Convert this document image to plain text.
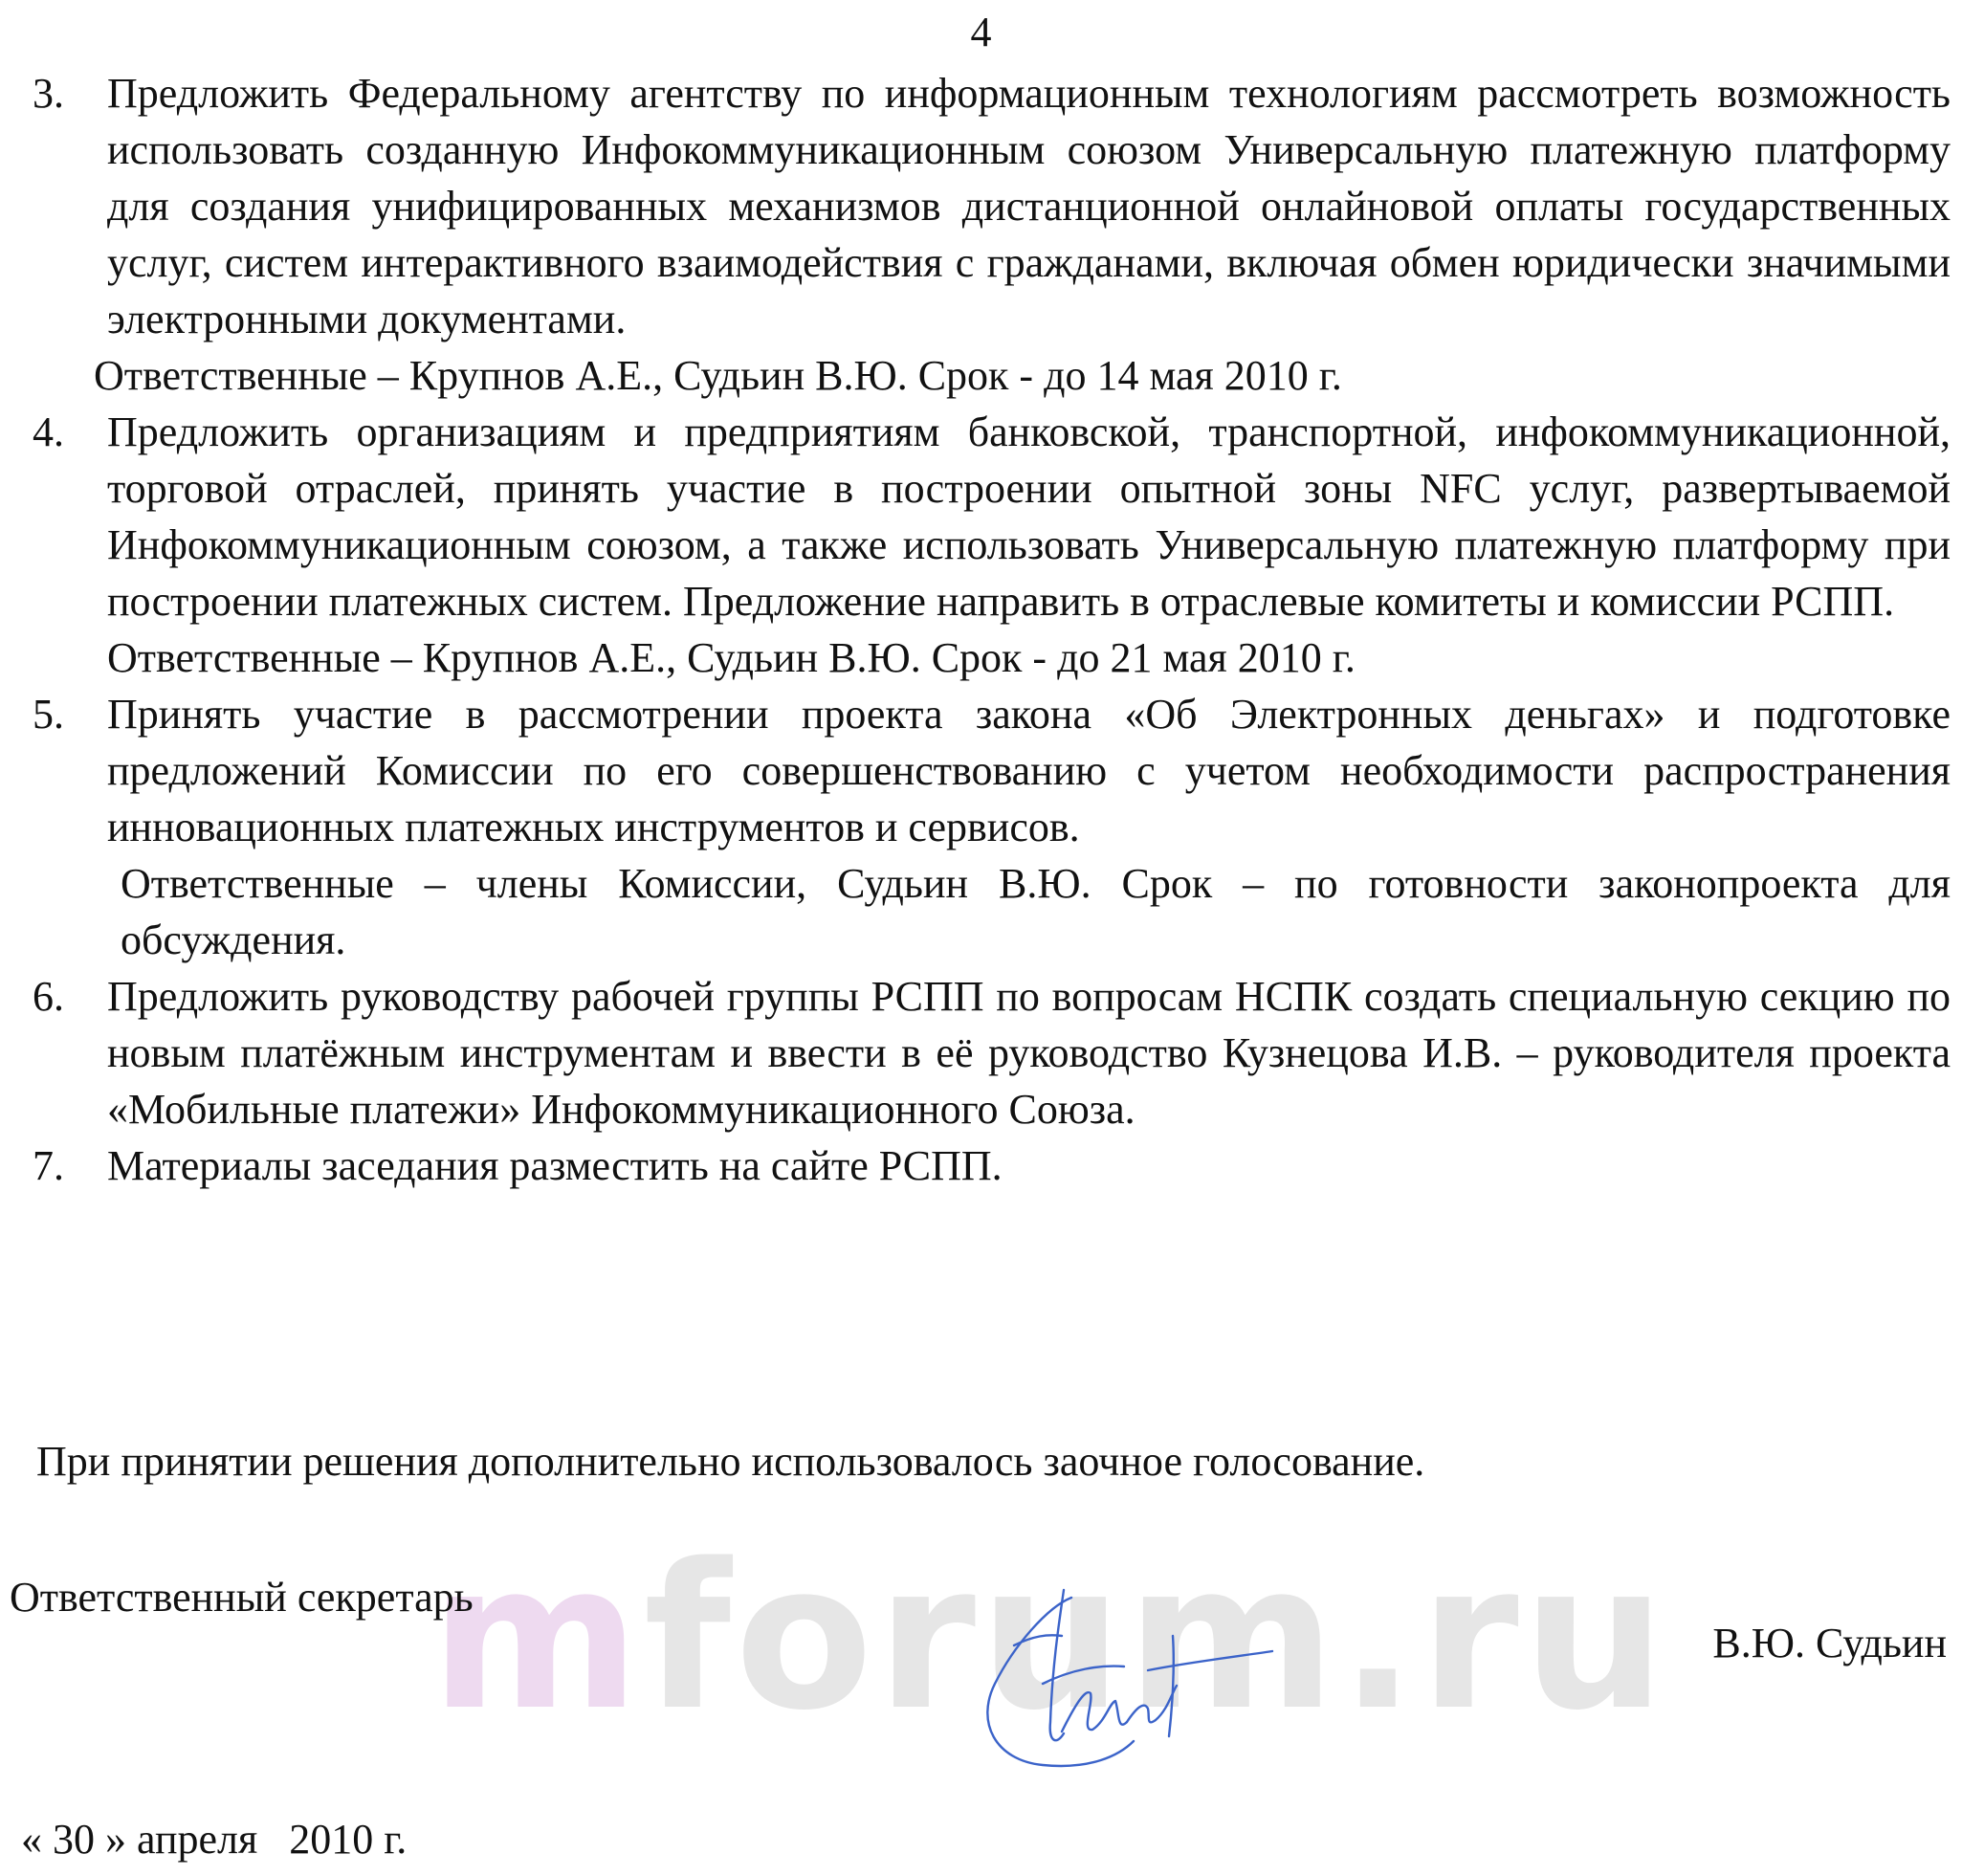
4
3. Предложить Федеральному агентству по информационным технологиям рассмотреть возможность использовать созданную Инфокоммуникационным союзом Универсальную платежную платформу для создания унифицированных механизмов дистанционной онлайновой оплаты государственных услуг, систем интерактивного взаимодействия с гражданами, включая обмен юридически значимыми электронными документами.

Ответственные – Крупнов А.Е., Судьин В.Ю. Срок - до 14 мая 2010 г.

4. Предложить организациям и предприятиям банковской, транспортной, инфокоммуникационной, торговой отраслей, принять участие в построении опытной зоны NFC услуг, развертываемой Инфокоммуникационным союзом, а также использовать Универсальную платежную платформу при построении платежных систем. Предложение направить в отраслевые комитеты и комиссии РСПП.

Ответственные – Крупнов А.Е., Судьин В.Ю. Срок - до 21 мая 2010 г.

5. Принять участие в рассмотрении проекта закона «Об Электронных деньгах» и подготовке предложений Комиссии по его совершенствованию с учетом необходимости распространения инновационных платежных инструментов и сервисов.

Ответственные – члены Комиссии, Судьин В.Ю. Срок – по готовности законопроекта для обсуждения.

6. Предложить руководству рабочей группы РСПП по вопросам НСПК создать специальную секцию по новым платёжным инструментам и ввести в её руководство Кузнецова И.В. – руководителя проекта «Мобильные платежи» Инфокоммуникационного Союза.

7. Материалы заседания разместить на сайте РСПП.

При принятии решения дополнительно использовалось заочное голосование.
mforum.ru
Ответственный секретарь
В.Ю. Судьин
« 30 » апреля   2010 г.
